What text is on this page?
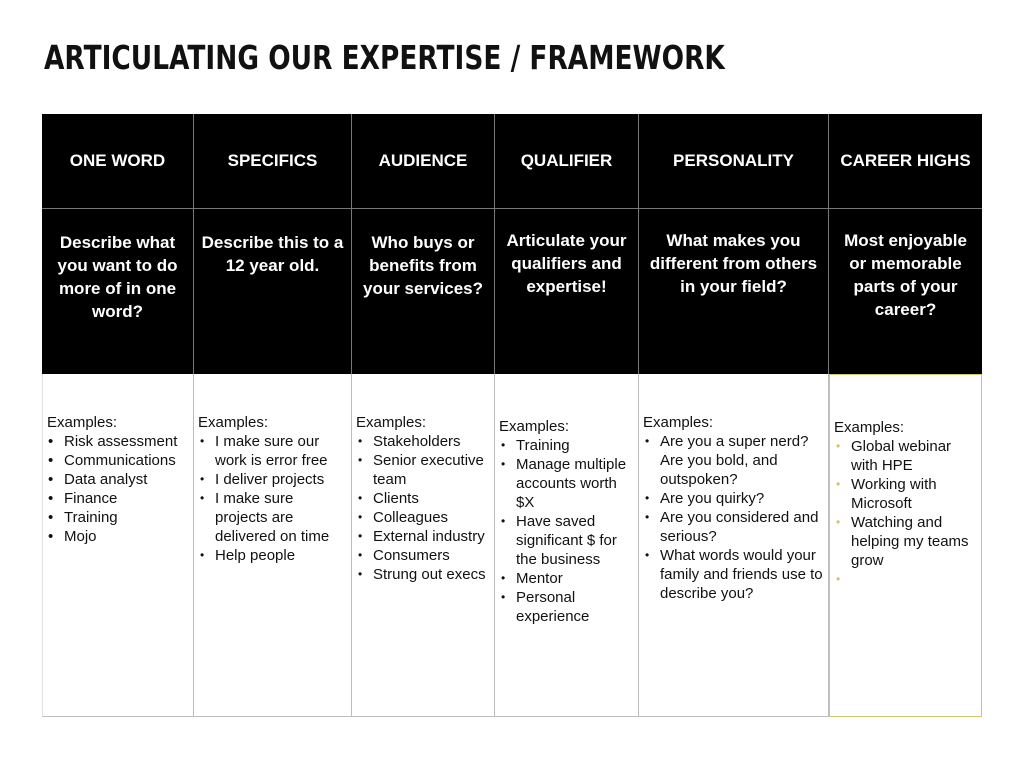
ARTICULATING OUR EXPERTISE / FRAMEWORK
ONE WORD
Describe what you want to do more of in one word?
Examples:
• Risk assessment
• Communications
• Data analyst
• Finance
• Training
• Mojo
SPECIFICS
Describe this to a 12 year old.
Examples:
• I make sure our work is error free
• I deliver projects
• I make sure projects are delivered on time
• Help people
AUDIENCE
Who buys or benefits from your services?
Examples:
• Stakeholders
• Senior executive team
• Clients
• Colleagues
• External industry
• Consumers
• Strung out execs
QUALIFIER
Articulate your qualifiers and expertise!
Examples:
• Training
• Manage multiple accounts worth $X
• Have saved significant $ for the business
• Mentor
• Personal experience
PERSONALITY
What makes you different from others in your field?
Examples:
• Are you a super nerd? Are you bold, and outspoken?
• Are you quirky?
• Are you considered and serious?
• What words would your family and friends use to describe you?
CAREER HIGHS
Most enjoyable or memorable parts of your career?
Examples:
• Global webinar with HPE
• Working with Microsoft
• Watching and helping my teams grow
•
